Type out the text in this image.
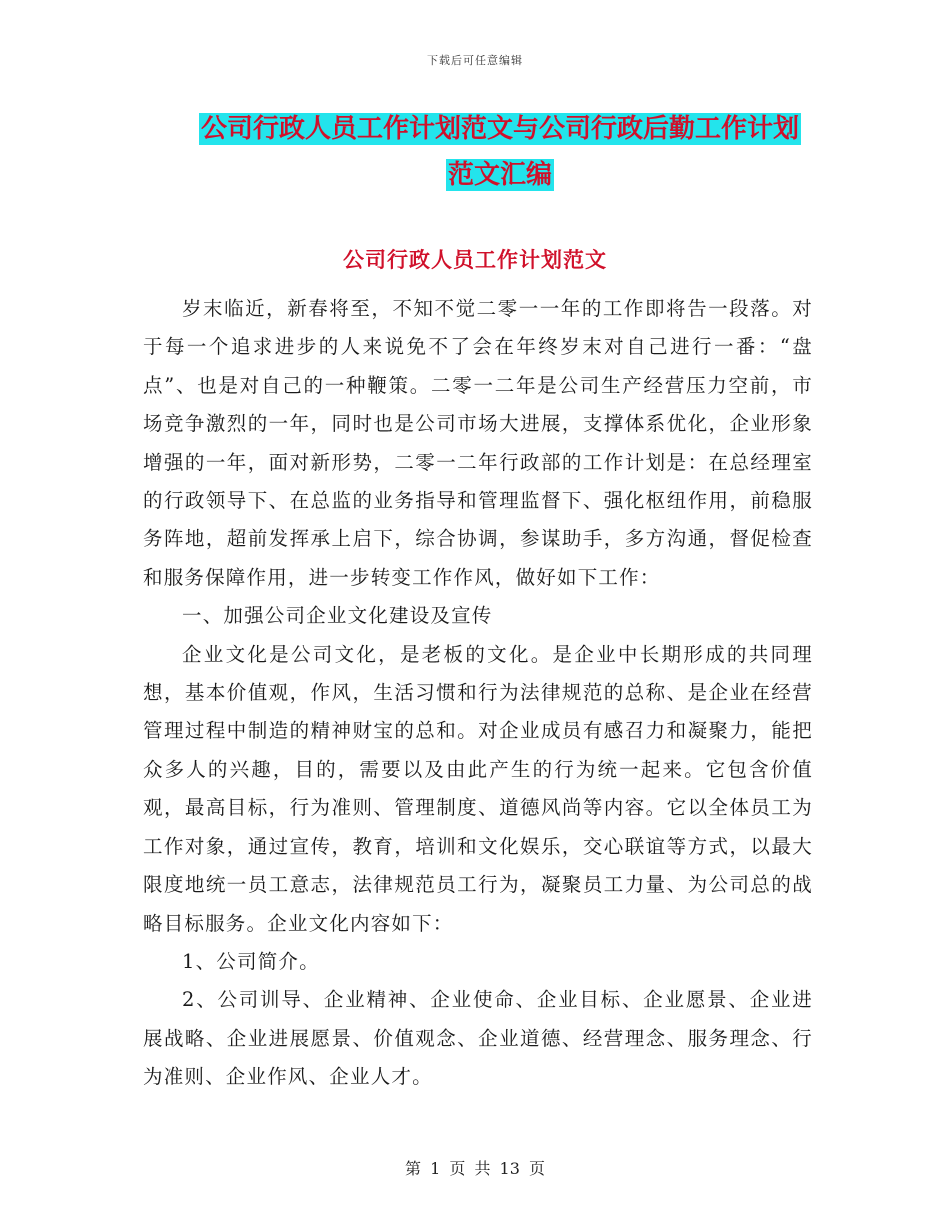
下载后可任意编辑
公司行政人员工作计划范文与公司行政后勤工作计划范文汇编
公司行政人员工作计划范文

岁末临近，新春将至，不知不觉二零一一年的工作即将告一段落。对于每一个追求进步的人来说免不了会在年终岁末对自己进行一番：“盘点”、也是对自己的一种鞭策。二零一二年是公司生产经营压力空前，市场竞争激烈的一年，同时也是公司市场大进展，支撑体系优化，企业形象增强的一年，面对新形势，二零一二年行政部的工作计划是：在总经理室的行政领导下、在总监的业务指导和管理监督下、强化枢纽作用，前稳服务阵地，超前发挥承上启下，综合协调，参谋助手，多方沟通，督促检查和服务保障作用，进一步转变工作作风，做好如下工作：

一、加强公司企业文化建设及宣传

企业文化是公司文化，是老板的文化。是企业中长期形成的共同理想，基本价值观，作风，生活习惯和行为法律规范的总称、是企业在经营管理过程中制造的精神财宝的总和。对企业成员有感召力和凝聚力，能把众多人的兴趣，目的，需要以及由此产生的行为统一起来。它包含价值观，最高目标，行为准则、管理制度、道德风尚等内容。它以全体员工为工作对象，通过宣传，教育，培训和文化娱乐，交心联谊等方式，以最大限度地统一员工意志，法律规范员工行为，凝聚员工力量、为公司总的战略目标服务。企业文化内容如下：

1、公司简介。

2、公司训导、企业精神、企业使命、企业目标、企业愿景、企业进展战略、企业进展愿景、价值观念、企业道德、经营理念、服务理念、行为准则、企业作风、企业人才。

第 1 页 共 13 页
